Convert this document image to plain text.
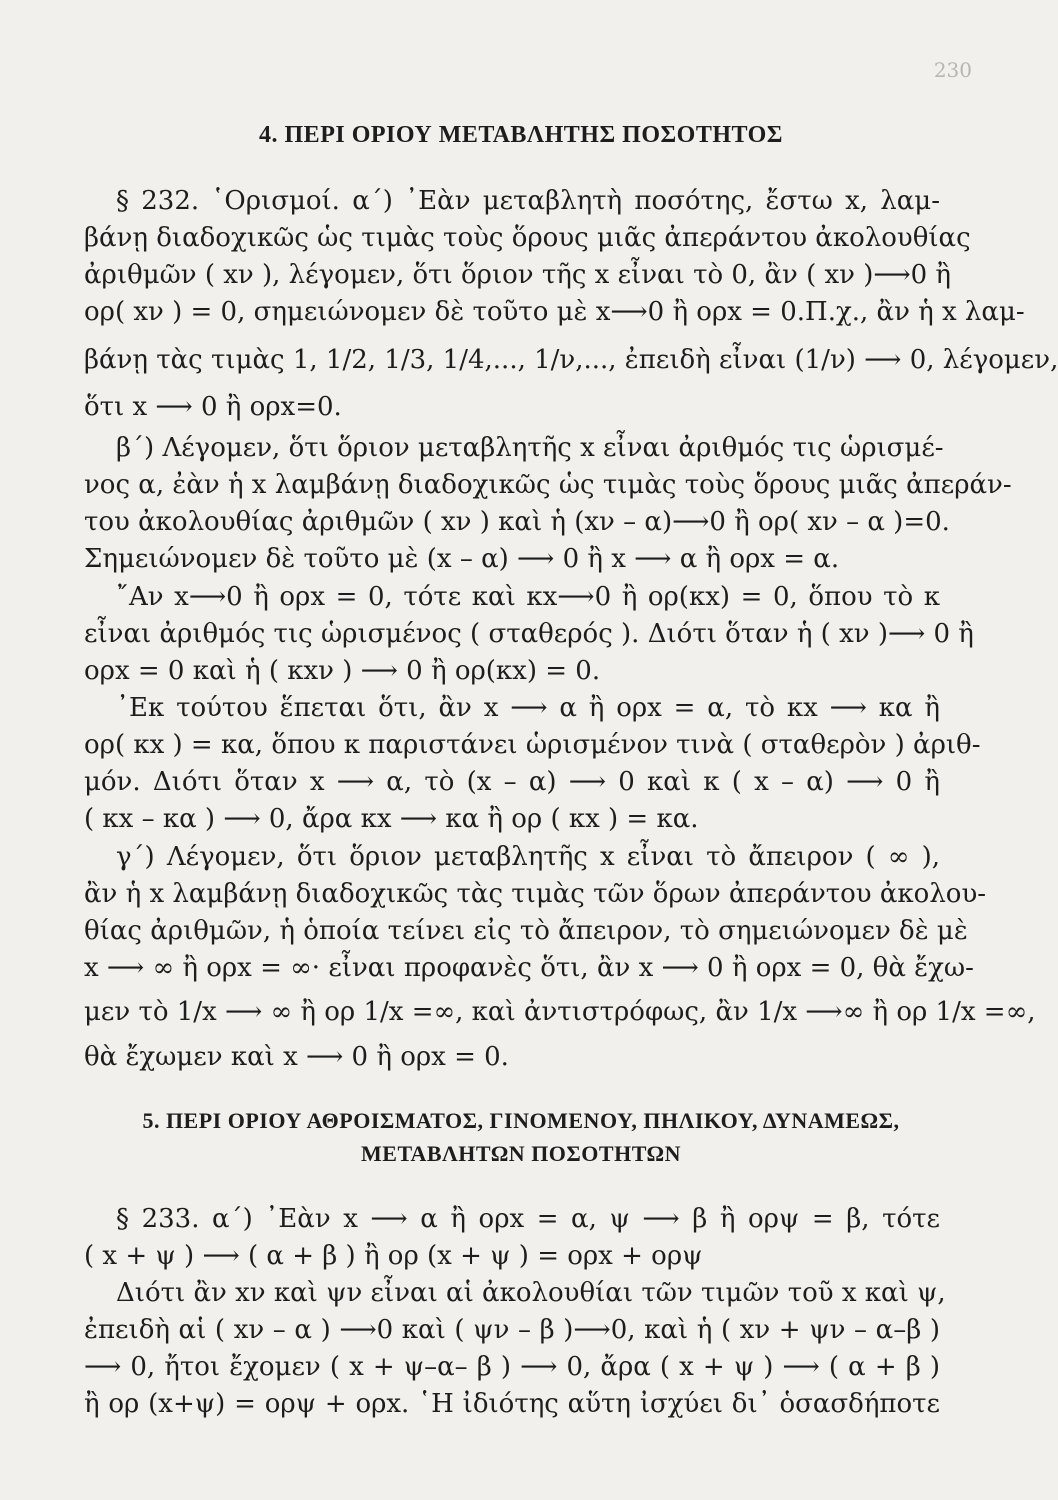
230
4. ΠΕΡΙ ΟΡΙΟΥ ΜΕΤΑΒΛΗΤΗΣ ΠΟΣΟΤΗΤΟΣ
§ 232. ῾Ορισμοί. α΄) ᾿Εὰν μεταβλητὴ ποσότης, ἔστω x, λαμ-
βάνῃ διαδοχικῶς ὡς τιμὰς τοὺς ὅρους μιᾶς ἀπεράντου ἀκολουθίας
ἀριθμῶν ( xν ), λέγομεν, ὅτι ὅριον τῆς x εἶναι τὸ 0, ἂν ( xν )⟶0 ἢ
ορ( xν ) = 0, σημειώνομεν δὲ τοῦτο μὲ x⟶0 ἢ ορx = 0.Π.χ., ἂν ἡ x λαμ-
βάνῃ τὰς τιμὰς 1, 1/2, 1/3, 1/4,..., 1/ν,..., ἐπειδὴ εἶναι (1/ν) ⟶ 0, λέγομεν,
ὅτι x ⟶ 0 ἢ ορx=0.
β΄) Λέγομεν, ὅτι ὅριον μεταβλητῆς x εἶναι ἀριθμός τις ὡρισμέ-
νος α, ἐὰν ἡ x λαμβάνῃ διαδοχικῶς ὡς τιμὰς τοὺς ὅρους μιᾶς ἀπεράν-
του ἀκολουθίας ἀριθμῶν ( xν ) καὶ ἡ (xν – α)⟶0 ἢ ορ( xν – α )=0.
Σημειώνομεν δὲ τοῦτο μὲ (x – α) ⟶ 0 ἢ x ⟶ α ἢ ορx = α.
῎Αν x⟶0 ἢ ορx = 0, τότε καὶ κx⟶0 ἢ ορ(κx) = 0, ὅπου τὸ κ
εἶναι ἀριθμός τις ὡρισμένος ( σταθερός ). Διότι ὅταν ἡ ( xν )⟶ 0 ἢ
ορx = 0 καὶ ἡ ( κxν ) ⟶ 0 ἢ ορ(κx) = 0.
᾿Εκ τούτου ἕπεται ὅτι, ἂν x ⟶ α ἢ ορx = α, τὸ κx ⟶ κα ἢ
ορ( κx ) = κα, ὅπου κ παριστάνει ὡρισμένον τινὰ ( σταθερὸν ) ἀριθ-
μόν. Διότι ὅταν x ⟶ α, τὸ (x – α) ⟶ 0 καὶ κ ( x – α) ⟶ 0 ἢ
( κx – κα ) ⟶ 0, ἄρα κx ⟶ κα ἢ ορ ( κx ) = κα.
γ΄) Λέγομεν, ὅτι ὅριον μεταβλητῆς x εἶναι τὸ ἄπειρον ( ∞ ),
ἂν ἡ x λαμβάνῃ διαδοχικῶς τὰς τιμὰς τῶν ὅρων ἀπεράντου ἀκολου-
θίας ἀριθμῶν, ἡ ὁποία τείνει εἰς τὸ ἄπειρον, τὸ σημειώνομεν δὲ μὲ
x ⟶ ∞ ἢ ορx = ∞· εἶναι προφανὲς ὅτι, ἂν x ⟶ 0 ἢ ορx = 0, θὰ ἔχω-
μεν τὸ 1/x ⟶ ∞ ἢ ορ 1/x =∞, καὶ ἀντιστρόφως, ἂν 1/x ⟶∞ ἢ ορ 1/x =∞,
θὰ ἔχωμεν καὶ x ⟶ 0 ἢ ορx = 0.
5. ΠΕΡΙ ΟΡΙΟΥ ΑΘΡΟΙΣΜΑΤΟΣ, ΓΙΝΟΜΕΝΟΥ, ΠΗΛΙΚΟΥ, ΔΥΝΑΜΕΩΣ,
ΜΕΤΑΒΛΗΤΩΝ ΠΟΣΟΤΗΤΩΝ
§ 233. α΄) ᾿Εὰν x ⟶ α ἢ ορx = α, ψ ⟶ β ἢ ορψ = β, τότε
( x + ψ ) ⟶ ( α + β ) ἢ ορ (x + ψ ) = ορx + ορψ
Διότι ἂν xν καὶ ψν εἶναι αἱ ἀκολουθίαι τῶν τιμῶν τοῦ x καὶ ψ,
ἐπειδὴ αἱ ( xν – α ) ⟶0 καὶ ( ψν – β )⟶0, καὶ ἡ ( xν + ψν – α–β )
⟶ 0, ἤτοι ἔχομεν ( x + ψ–α– β ) ⟶ 0, ἄρα ( x + ψ ) ⟶ ( α + β )
ἢ ορ (x+ψ) = ορψ + ορx. ῾Η ἰδιότης αὕτη ἰσχύει δι᾿ ὁσασδήποτε
